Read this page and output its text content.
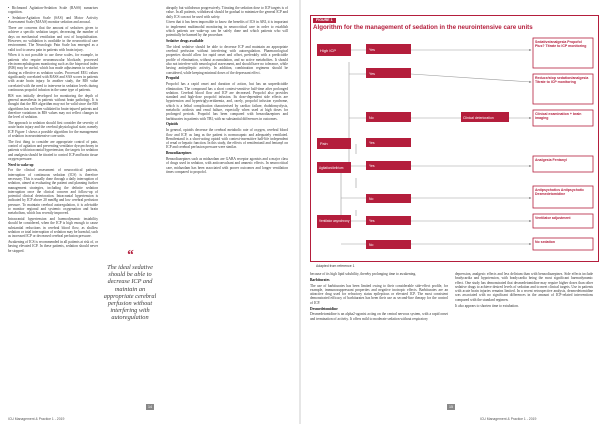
• Richmond Agitation-Sedation Scale (RASS) sumarises cognition.

• Sedation-Agitation Scale (SAS) and Motor Activity Assessment Scale (MAAS) monitor sedation and arousal.

There are concerns that the amount of sedatives given to achieve a specific sedation target, decreasing the number of days on mechanical ventilation and cost of hospitalisation. However, no validation is available in the neurocritical care environment. The Neurologic Pain Scale has emerged as a valid tool to assess pain in patients with brain injury.

When it is not possible to use these scales, for example, in patients who require neuromuscular blockade, processed electroencephalogram monitoring such as the bispectral index (BIS) may be useful, which has made adjustments to sedative dosing as effective as sedation scales. Processed EEG values significantly correlated with RASS and SAS scores in patients with acute brain injury. In another study, the BIS value correlated with the need to intervene in sedation levels during continuous propofol infusion in the same type of patients.

BIS was initially developed for monitoring the depth of general anaesthesia in patients without brain pathology. It is thought that the BIS algorithm may not be valid since the BIS algorithms has not been validated in brain-injured patients and therefore variations in BIS values may not reflect changes in the level of sedation.

The approach to sedation should first consider the severity of acute brain injury and the cerebral physiological state, namely ICP. Figure 1 shows a possible algorithm for the management of sedation in neurointensive care units.

The first thing to consider are appropriate control of pain, control of agitation and preventing ventilator dyssynchrony in patients with intracranial hypertension; the targets for sedation and analgesia should be titrated to control ICP and brain tissue oxygen pressure.

Need to wake up

For the clinical assessment of neurocritical patients, interruption of continuous sedation (ICS) is therefore necessary. This is usually done through a daily interruption of sedation, aimed at evaluating the patient and planning further management strategies, including the definite sedation interruption once the clinical concern and follow-up of potential clinical deterioration. Intracranial hypertension is indicated by ICP above 20 mmHg and low cerebral perfusion pressure. To maintain cerebral autoregulation, it is advisable to monitor regional and systemic oxygenation and brain metabolism, which has recently improved.

Intracranial hypertension and haemodynamic instability should be considered, when the ICP is high enough to cause substantial reductions in cerebral blood flow, as shallow sedation or total interruption of sedation may be harmful, such as increased ICP or decreased cerebral perfusion pressure.

Awakening of ICS is recommended in all patients at risk of, or having elevated ICP. In these patients, sedation should never be stopped.

abruptly but withdrawn progressively. Titrating the sedation dose to ICP targets is of value. In all patients, withdrawal should be gradual to minimize the general ICP and daily ICS can not be used with safety.

Given that it has been impossible to know the benefits of ICS in ABI, it is important to implement multimodal monitoring in neurocritical care in order to establish which patients are wake-up can be safely done and which patients who will potentially be harmed by the procedure.

Sedative drugs available

The ideal sedative should be able to decrease ICP and maintain an appropriate cerebral perfusion without interfering with autoregulation. Pharmacological properties should allow for rapid onset and offset, preferably with a predictable profile of elimination, without accumulation, and no active metabolites. It should also not interfere with neurological assessment, and should have no tolerance, while having antiepileptic activity. In addition, combination regimens should be considered, while keeping minimal doses of the depressant effect.

Propofol

Propofol has a rapid onset and duration of action, but has an unpredictable elimination. The compound has a short context-sensitive half-time after prolonged sedation. Cerebral blood flow and ICP are decreased. Propofol also provides standard and high-dose propofol infusion. Its dose-dependent side effects are hypotension and hypertriglyceridaemia, and, rarely, propofol infusion syndrome, which is a lethal complication characterised by cardiac failure, rhabdomyolysis, metabolic acidosis and renal failure, especially when used at high doses for prolonged periods. Propofol has been compared with benzodiazepines and barbiturates in patients with TBI, with no substantial differences in outcomes.

Opioids

In general, opioids decrease the cerebral metabolic rate of oxygen, cerebral blood flow and ICP, as long as the patient is normocapnic and adequately ventilated. Remifentanil is a short-acting opioid with context-insensitive half-life independent of renal or hepatic function. In this study, the effects of remifentanil and fentanyl on ICP and cerebral perfusion pressure were similar.

Benzodiazepines

Benzodiazepines such as midazolam are GABA receptor agonists and a major class of drugs used in sedation, with anticonvulsant and amnesic effects. In neurocritical care, midazolam has been associated with poorer outcomes and longer ventilation times compared to propofol.

“
The ideal sedative should be able to decrease ICP and maintain an appropriate cerebral perfusion without interfering with autoregulation
14
ICU Management & Practice 1 - 2019
15
FIGURE 1
Algorithm for the management of sedation in the neurointensive care units
High ICP	Yes
Yes
No	Clinical deterioration
Pain	Yes
Agitation/delirium	Yes
No
Ventilator asynchrony	Yes
No
Sedative/analgesia Propofol Plus? Titrate to ICP monitoring
Reduce/stop sedation/analgesia Titrate to ICP monitoring
Clinical examination + brain imaging
Analgesia Fentanyl
Antipsychotics Antipsychotic Dexmedetomidine
Ventilator adjustment
No sedation
Adapted from reference 1

because of its high lipid solubility, thereby prolonging time to awakening.

Barbiturates

The use of barbiturates has been limited owing to their considerable side-effect profile, for example, immunosuppressant properties and negative inotropic effects. Barbiturates are an attractive drug used for refractory status epilepticus or elevated ICP. The most consistent demonstrated efficacy of barbiturates has been their use as second-line therapy for the control of ICP.

Dexmedetomidine

Dexmedetomidine is an alpha2-agonist acting on the central nervous system, with a rapid onset and termination of activity. It offers mild to moderate sedation without respiratory

depression, analgesic effects and less delirium than with benzodiazepines. Side effects include bradycardia and hypotension, with bradycardia being the most significant haemodynamic effect. One study has demonstrated that dexmedetomidine may require higher doses than other sedative drugs to achieve desired levels of sedation and to meet clinical targets. Use in patients with acute brain injuries remains limited. In a recent retrospective analysis, dexmedetomidine was associated with no significant differences in the amount of ICP-related interventions compared with the standard regimen.

It also appears to shorten time to extubation.

ICU Management & Practice 1 - 2019
